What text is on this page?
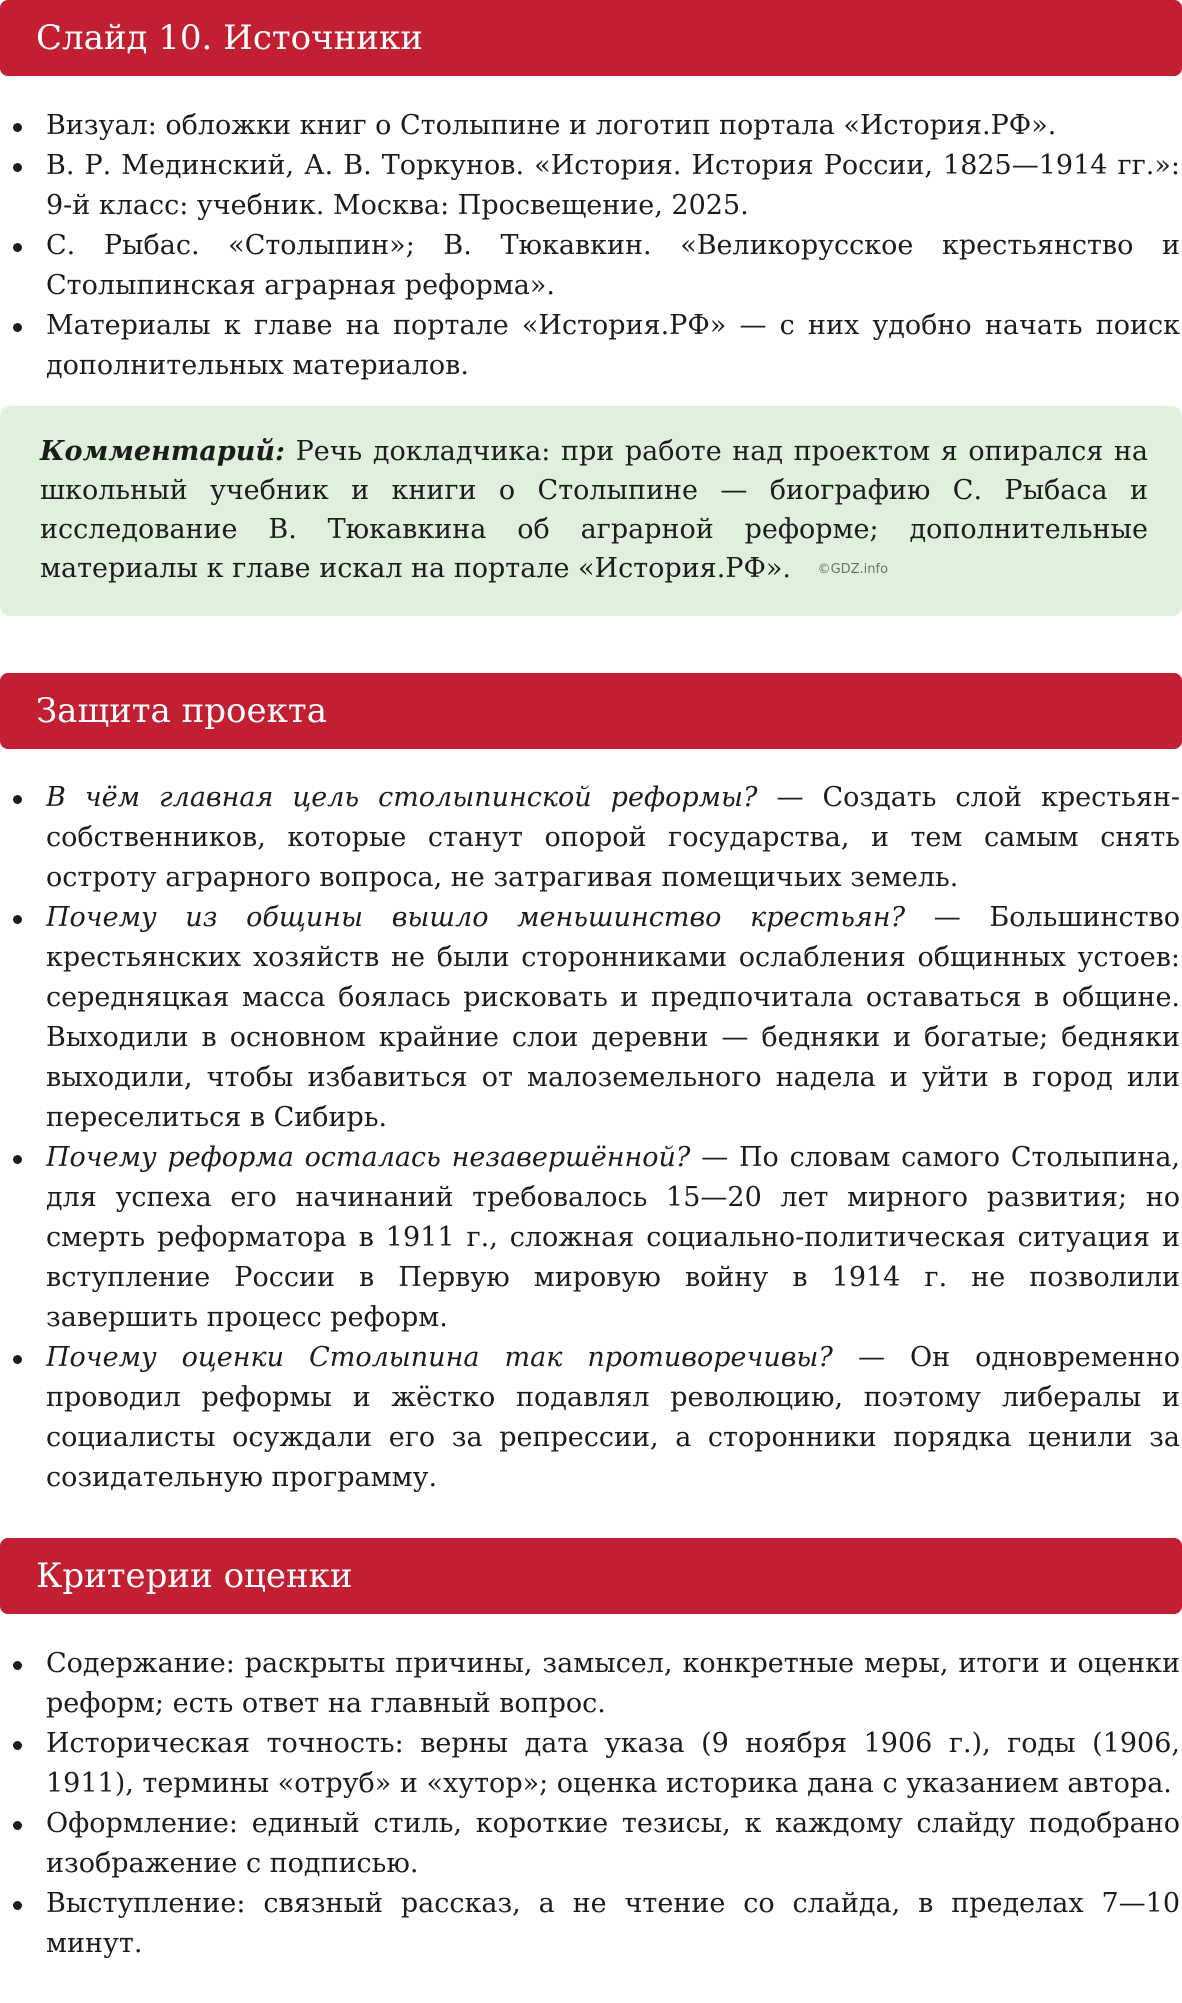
Слайд 10. Источники
Визуал: обложки книг о Столыпине и логотип портала «История.РФ».
В. Р. Мединский, А. В. Торкунов. «История. История России, 1825—1914 гг.»: 9-й класс: учебник. Москва: Просвещение, 2025.
С. Рыбас. «Столыпин»; В. Тюкавкин. «Великорусское крестьянство и Столыпинская аграрная реформа».
Материалы к главе на портале «История.РФ» — с них удобно начать поиск дополнительных материалов.
Комментарий: Речь докладчика: при работе над проектом я опирался на школьный учебник и книги о Столыпине — биографию С. Рыбаса и исследование В. Тюкавкина об аграрной реформе; дополнительные материалы к главе искал на портале «История.РФ». ©GDZ.info
Защита проекта
В чём главная цель столыпинской реформы? — Создать слой крестьян-собственников, которые станут опорой государства, и тем самым снять остроту аграрного вопроса, не затрагивая помещичьих земель.
Почему из общины вышло меньшинство крестьян? — Большинство крестьянских хозяйств не были сторонниками ослабления общинных устоев: середняцкая масса боялась рисковать и предпочитала оставаться в общине. Выходили в основном крайние слои деревни — бедняки и богатые; бедняки выходили, чтобы избавиться от малоземельного надела и уйти в город или переселиться в Сибирь.
Почему реформа осталась незавершённой? — По словам самого Столыпина, для успеха его начинаний требовалось 15—20 лет мирного развития; но смерть реформатора в 1911 г., сложная социально-политическая ситуация и вступление России в Первую мировую войну в 1914 г. не позволили завершить процесс реформ.
Почему оценки Столыпина так противоречивы? — Он одновременно проводил реформы и жёстко подавлял революцию, поэтому либералы и социалисты осуждали его за репрессии, а сторонники порядка ценили за созидательную программу.
Критерии оценки
Содержание: раскрыты причины, замысел, конкретные меры, итоги и оценки реформ; есть ответ на главный вопрос.
Историческая точность: верны дата указа (9 ноября 1906 г.), годы (1906, 1911), термины «отруб» и «хутор»; оценка историка дана с указанием автора.
Оформление: единый стиль, короткие тезисы, к каждому слайду подобрано изображение с подписью.
Выступление: связный рассказ, а не чтение со слайда, в пределах 7—10 минут.
